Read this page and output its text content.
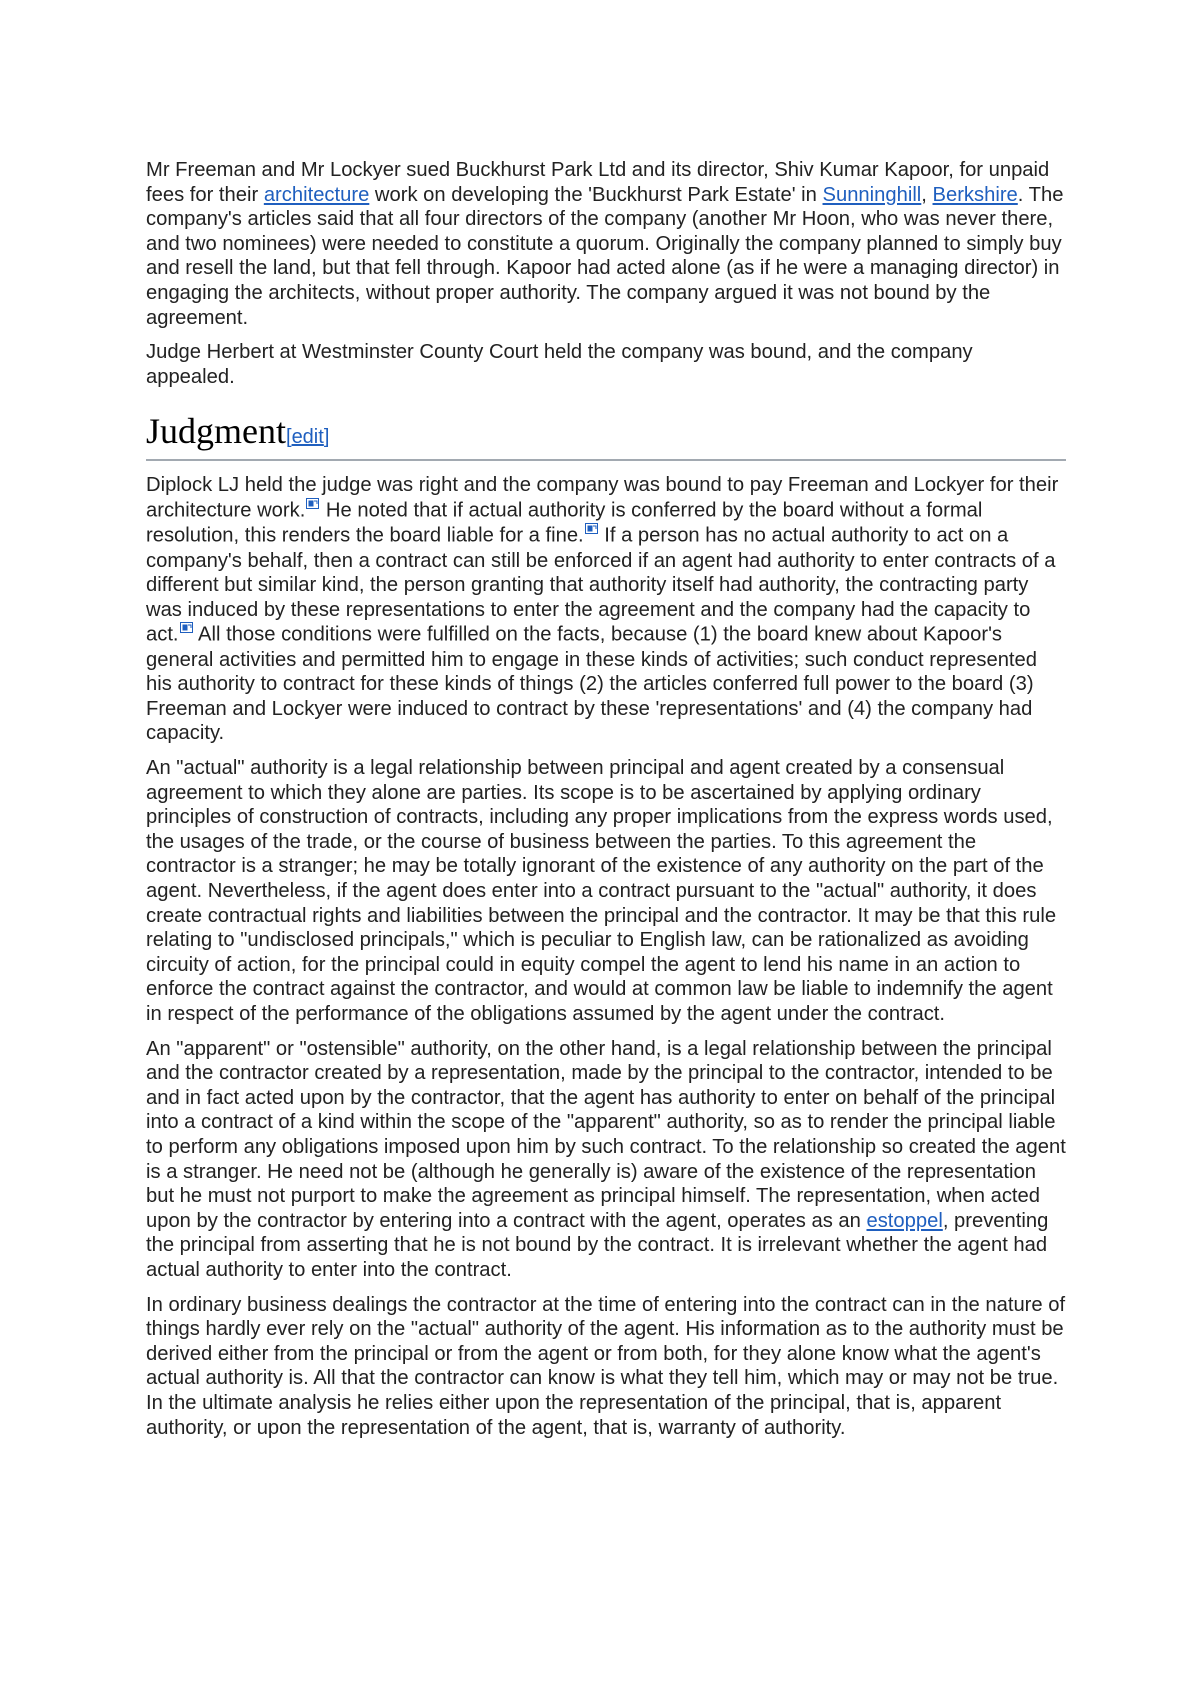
Mr Freeman and Mr Lockyer sued Buckhurst Park Ltd and its director, Shiv Kumar Kapoor, for unpaid fees for their architecture work on developing the 'Buckhurst Park Estate' in Sunninghill, Berkshire. The company's articles said that all four directors of the company (another Mr Hoon, who was never there, and two nominees) were needed to constitute a quorum. Originally the company planned to simply buy and resell the land, but that fell through. Kapoor had acted alone (as if he were a managing director) in engaging the architects, without proper authority. The company argued it was not bound by the agreement.

Judge Herbert at Westminster County Court held the company was bound, and the company appealed.

Judgment[edit]

Diplock LJ held the judge was right and the company was bound to pay Freeman and Lockyer for their architecture work. He noted that if actual authority is conferred by the board without a formal resolution, this renders the board liable for a fine. If a person has no actual authority to act on a company's behalf, then a contract can still be enforced if an agent had authority to enter contracts of a different but similar kind, the person granting that authority itself had authority, the contracting party was induced by these representations to enter the agreement and the company had the capacity to act. All those conditions were fulfilled on the facts, because (1) the board knew about Kapoor's general activities and permitted him to engage in these kinds of activities; such conduct represented his authority to contract for these kinds of things (2) the articles conferred full power to the board (3) Freeman and Lockyer were induced to contract by these 'representations' and (4) the company had capacity.

An "actual" authority is a legal relationship between principal and agent created by a consensual agreement to which they alone are parties. Its scope is to be ascertained by applying ordinary principles of construction of contracts, including any proper implications from the express words used, the usages of the trade, or the course of business between the parties. To this agreement the contractor is a stranger; he may be totally ignorant of the existence of any authority on the part of the agent. Nevertheless, if the agent does enter into a contract pursuant to the "actual" authority, it does create contractual rights and liabilities between the principal and the contractor. It may be that this rule relating to "undisclosed principals," which is peculiar to English law, can be rationalized as avoiding circuity of action, for the principal could in equity compel the agent to lend his name in an action to enforce the contract against the contractor, and would at common law be liable to indemnify the agent in respect of the performance of the obligations assumed by the agent under the contract.

An "apparent" or "ostensible" authority, on the other hand, is a legal relationship between the principal and the contractor created by a representation, made by the principal to the contractor, intended to be and in fact acted upon by the contractor, that the agent has authority to enter on behalf of the principal into a contract of a kind within the scope of the "apparent" authority, so as to render the principal liable to perform any obligations imposed upon him by such contract. To the relationship so created the agent is a stranger. He need not be (although he generally is) aware of the existence of the representation but he must not purport to make the agreement as principal himself. The representation, when acted upon by the contractor by entering into a contract with the agent, operates as an estoppel, preventing the principal from asserting that he is not bound by the contract. It is irrelevant whether the agent had actual authority to enter into the contract.

In ordinary business dealings the contractor at the time of entering into the contract can in the nature of things hardly ever rely on the "actual" authority of the agent. His information as to the authority must be derived either from the principal or from the agent or from both, for they alone know what the agent's actual authority is. All that the contractor can know is what they tell him, which may or may not be true. In the ultimate analysis he relies either upon the representation of the principal, that is, apparent authority, or upon the representation of the agent, that is, warranty of authority.
